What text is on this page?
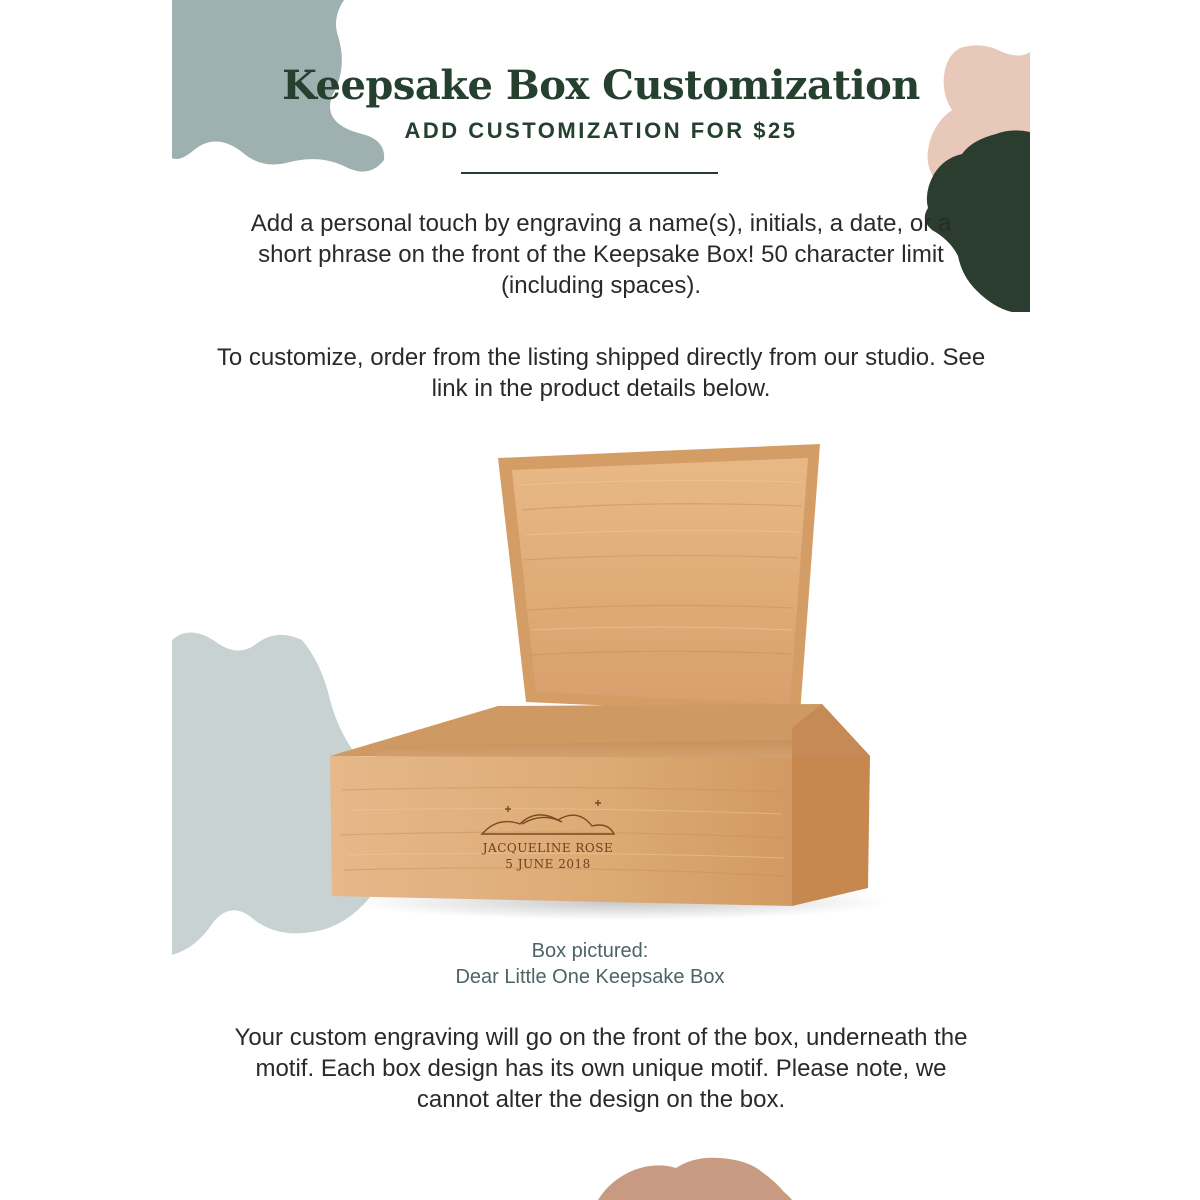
Keepsake Box Customization
ADD CUSTOMIZATION FOR $25

Add a personal touch by engraving a name(s), initials, a date, or a short phrase on the front of the Keepsake Box! 50 character limit (including spaces).

To customize, order from the listing shipped directly from our studio. See link in the product details below.

JACQUELINE ROSE
5 JUNE 2018
Box pictured:
Dear Little One Keepsake Box

Your custom engraving will go on the front of the box, underneath the motif. Each box design has its own unique motif. Please note, we cannot alter the design on the box.
